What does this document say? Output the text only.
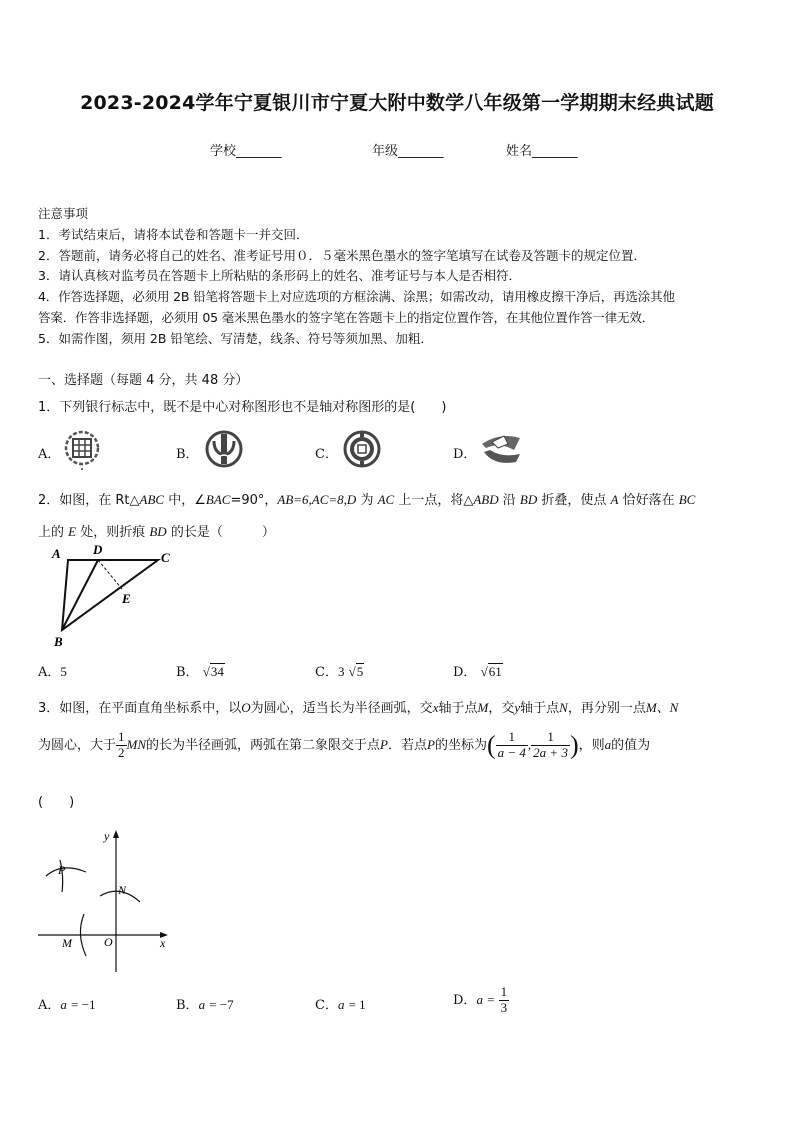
2023-2024学年宁夏银川市宁夏大附中数学八年级第一学期期末经典试题
学校_______	年级_______	姓名_______
注意事项
1．考试结束后，请将本试卷和答题卡一并交回．
2．答题前，请务必将自己的姓名、准考证号用０．５毫米黑色墨水的签字笔填写在试卷及答题卡的规定位置．
3．请认真核对监考员在答题卡上所粘贴的条形码上的姓名、准考证号与本人是否相符．
4．作答选择题，必须用 2B 铅笔将答题卡上对应选项的方框涂满、涂黑；如需改动，请用橡皮擦干净后，再选涂其他
答案．作答非选择题，必须用 05 毫米黑色墨水的签字笔在答题卡上的指定位置作答，在其他位置作答一律无效．
5．如需作图，须用 2B 铅笔绘、写清楚，线条、符号等须加黑、加粗．
一、选择题（每题 4 分，共 48 分）
1．下列银行标志中，既不是中心对称图形也不是轴对称图形的是(　　)
A．	B．	C．	D．
2．如图，在 Rt△ABC 中，∠BAC=90°，AB=6,AC=8,D 为 AC 上一点，将△ABD 沿 BD 折叠，使点 A 恰好落在 BC
上的 E 处，则折痕 BD 的长是（　　　）
A D
C
E
B
A．5	B． √34	C．3 √5	D． √61
3．如图，在平面直角坐标系中，以O为圆心，适当长为半径画弧，交x轴于点M，交y轴于点N，再分别一点M、N
为圆心，大于 $\frac{1}{2}$ MN的长为半径画弧，两弧在第二象限交于点P．若点P的坐标为( $\frac{1}{a - 4}$ , $\frac{1}{2a + 3}$ )，则a的值为
(　　)
y
x
O
M
N
P
A．a = −1	B．a = −7	C．a = 1	D．$a = \frac{1}{3}$
